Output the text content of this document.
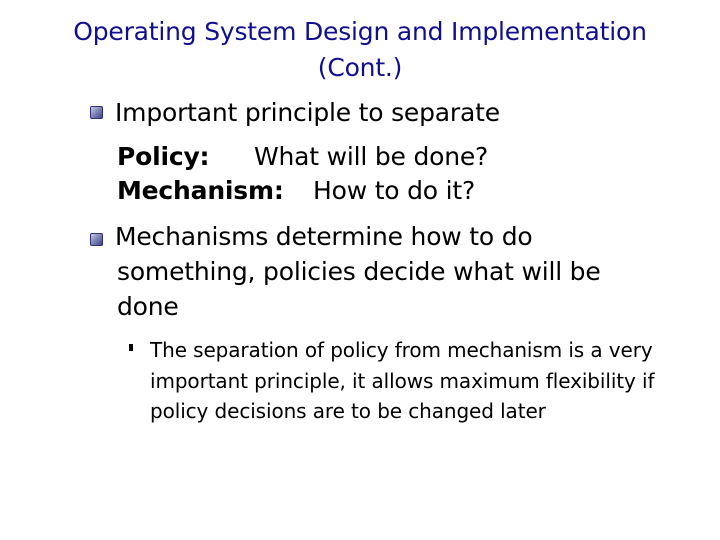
Operating System Design and Implementation
(Cont.)
Important principle to separate
Policy: What will be done?
Mechanism: How to do it?
Mechanisms determine how to do
something, policies decide what will be
done
The separation of policy from mechanism is a very important principle, it allows maximum flexibility if policy decisions are to be changed later
